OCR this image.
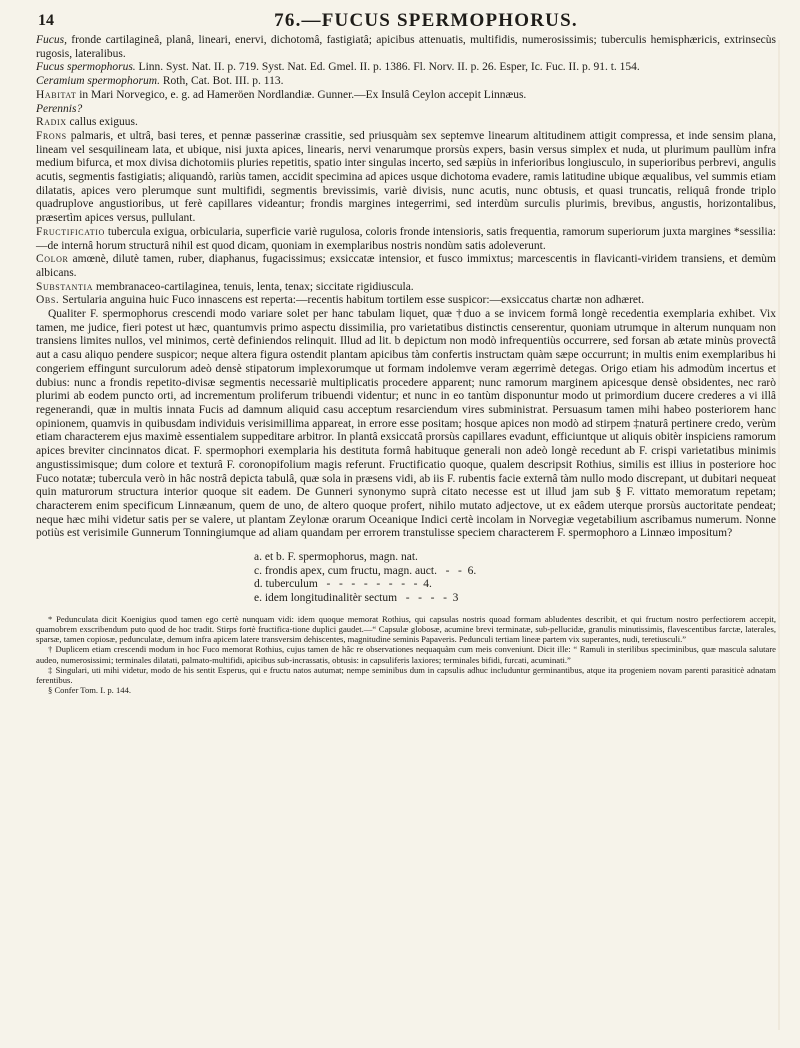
14	76.—FUCUS SPERMOPHORUS.

Fucus, fronde cartilagineâ, planâ, lineari, enervi, dichotomâ, fastigiatâ; apicibus attenuatis, multifidis, numerosissimis; tuberculis hemisphæricis, extrinsecùs rugosis, lateralibus.

Fucus spermophorus. Linn. Syst. Nat. II. p. 719. Syst. Nat. Ed. Gmel. II. p. 1386. Fl. Norv. II. p. 26. Esper, Ic. Fuc. II. p. 91. t. 154.

Ceramium spermophorum. Roth, Cat. Bot. III. p. 113.

Habitat in Mari Norvegico, e. g. ad Hameröen Nordlandiæ. Gunner.—Ex Insulâ Ceylon accepit Linnæus.

Perennis?

Radix callus exiguus.

Frons palmaris, et ultrâ, basi teres, et pennæ passerinæ crassitie, sed priusquàm sex septemve linearum altitudinem attigit compressa, et inde sensim plana, lineam vel sesquilineam lata, et ubique, nisi juxta apices, linearis, nervi venarumque prorsùs expers, basin versus simplex et nuda, ut plurimum paullùm infra medium bifurca, et mox divisa dichotomiis pluries repetitis, spatio inter singulas incerto, sed sæpiùs in inferioribus longiusculo, in superioribus perbrevi, angulis acutis, segmentis fastigiatis; aliquandò, rariùs tamen, accidit specimina ad apices usque dichotoma evadere, ramis latitudine ubique æqualibus, vel summis etiam dilatatis, apices vero plerumque sunt multifidi, segmentis brevissimis, variè divisis, nunc acutis, nunc obtusis, et quasi truncatis, reliquâ fronde triplo quadruplove angustioribus, ut ferè capillares videantur; frondis margines integerrimi, sed interdùm surculis plurimis, brevibus, angustis, horizontalibus, præsertìm apices versus, pullulant.

Fructificatio tubercula exigua, orbicularia, superficie variè rugulosa, coloris fronde intensioris, satis frequentia, ramorum superiorum juxta margines *sessilia:—de internâ horum structurâ nihil est quod dicam, quoniam in exemplaribus nostris nondùm satis adoleverunt.

Color amœnè, dilutè tamen, ruber, diaphanus, fugacissimus; exsiccatæ intensior, et fusco immixtus; marcescentis in flavicanti-viridem transiens, et demùm albicans.

Substantia membranaceo-cartilaginea, tenuis, lenta, tenax; siccitate rigidiuscula.

Obs. Sertularia anguina huic Fuco innascens est reperta:—recentis habitum tortilem esse suspicor:—exsiccatus chartæ non adhæret.

Qualiter F. spermophorus crescendi modo variare solet per hanc tabulam liquet, quæ †duo a se invicem formâ longè recedentia exemplaria exhibet. Vix tamen, me judice, fieri potest ut hæc, quantumvis primo aspectu dissimilia, pro varietatibus distinctis censerentur, quoniam utrumque in alterum nunquam non transiens limites nullos, vel minimos, certè definiendos relinquit. Illud ad lit. b depictum non modò infrequentiùs occurrere, sed forsan ab ætate minùs provectâ aut a casu aliquo pendere suspicor; neque altera figura ostendit plantam apicibus tàm confertis instructam quàm sæpe occurrunt; in multis enim exemplaribus hi congeriem effingunt surculorum adeò densè stipatorum implexorumque ut formam indolemve veram ægerrimè detegas. Origo etiam his admodùm incertus et dubius: nunc a frondis repetito-divisæ segmentis necessariè multiplicatis procedere apparent; nunc ramorum marginem apicesque densè obsidentes, nec rarò plurimi ab eodem puncto orti, ad incrementum proliferum tribuendi videntur; et nunc in eo tantùm disponuntur modo ut primordium ducere crederes a vi illâ regenerandi, quæ in multis innata Fucis ad damnum aliquid casu acceptum resarciendum vires subministrat. Persuasum tamen mihi habeo posteriorem hanc opinionem, quamvis in quibusdam individuis verisimillima appareat, in errore esse positam; hosque apices non modò ad stirpem ‡naturâ pertinere credo, verùm etiam characterem ejus maximè essentialem suppeditare arbitror. In plantâ exsiccatâ prorsùs capillares evadunt, efficiuntque ut aliquis obitèr inspiciens ramorum apices breviter cincinnatos dicat. F. spermophori exemplaria his destituta formâ habituque generali non adeò longè recedunt ab F. crispi varietatibus minimis angustissimisque; dum colore et texturâ F. coronopifolium magis referunt. Fructificatio quoque, qualem descripsit Rothius, similis est illius in posteriore hoc Fuco notatæ; tubercula verò in hâc nostrâ depicta tabulâ, quæ sola in præsens vidi, ab iis F. rubentis facie externâ tàm nullo modo discrepant, ut dubitari nequeat quin maturorum structura interior quoque sit eadem. De Gunneri synonymo suprà citato necesse est ut illud jam sub § F. vittato memoratum repetam; characterem enim specificum Linnæanum, quem de uno, de altero quoque profert, nihilo mutato adjectove, ut ex eâdem uterque prorsùs auctoritate pendeat; neque hæc mihi videtur satis per se valere, ut plantam Zeylonæ orarum Oceanique Indici certè incolam in Norvegiæ vegetabilium ascribamus numerum. Nonne potiùs est verisimile Gunnerum Tonningiumque ad aliam quandam per errorem transtulisse speciem characterem F. spermophoro a Linnæo impositum?

a. et b. F. spermophorus, magn. nat.
c. frondis apex, cum fructu, magn. auct.   -   -  6.
d. tuberculum   -   -   -   -   -   -   -   -  4.
e. idem longitudinalitèr sectum   -   -   -   -  3

* Pedunculata dicit Koenigius quod tamen ego certè nunquam vidi: idem quoque memorat Rothius, qui capsulas nostris quoad formam abludentes describit, et qui fructum nostro perfectiorem accepit, quamobrem exscribendum puto quod de hoc tradit. Stirps fortè fructifica-tione duplici gaudet.—“ Capsulæ globosæ, acumine brevi terminatæ, sub-pellucidæ, granulis minutissimis, flavescentibus farctæ, laterales, sparsæ, tamen copiosæ, pedunculatæ, demum infra apicem latere transversim dehiscentes, magnitudine seminis Papaveris. Pedunculi tertiam lineæ partem vix superantes, nudi, teretiusculi.”

† Duplicem etiam crescendi modum in hoc Fuco memorat Rothius, cujus tamen de hâc re observationes nequaquàm cum meis conveniunt. Dicit ille: “ Ramuli in sterilibus speciminibus, quæ mascula salutare audeo, numerosissimi; terminales dilatati, palmato-multifidi, apicibus sub-incrassatis, obtusis: in capsuliferis laxiores; terminales bifidi, furcati, acuminati.”

‡ Singulari, uti mihi videtur, modo de his sentit Esperus, qui e fructu natos autumat; nempe seminibus dum in capsulis adhuc includuntur germinantibus, atque ita progeniem novam parenti parasiticè adnatam ferentibus.

§ Confer Tom. I. p. 144.
